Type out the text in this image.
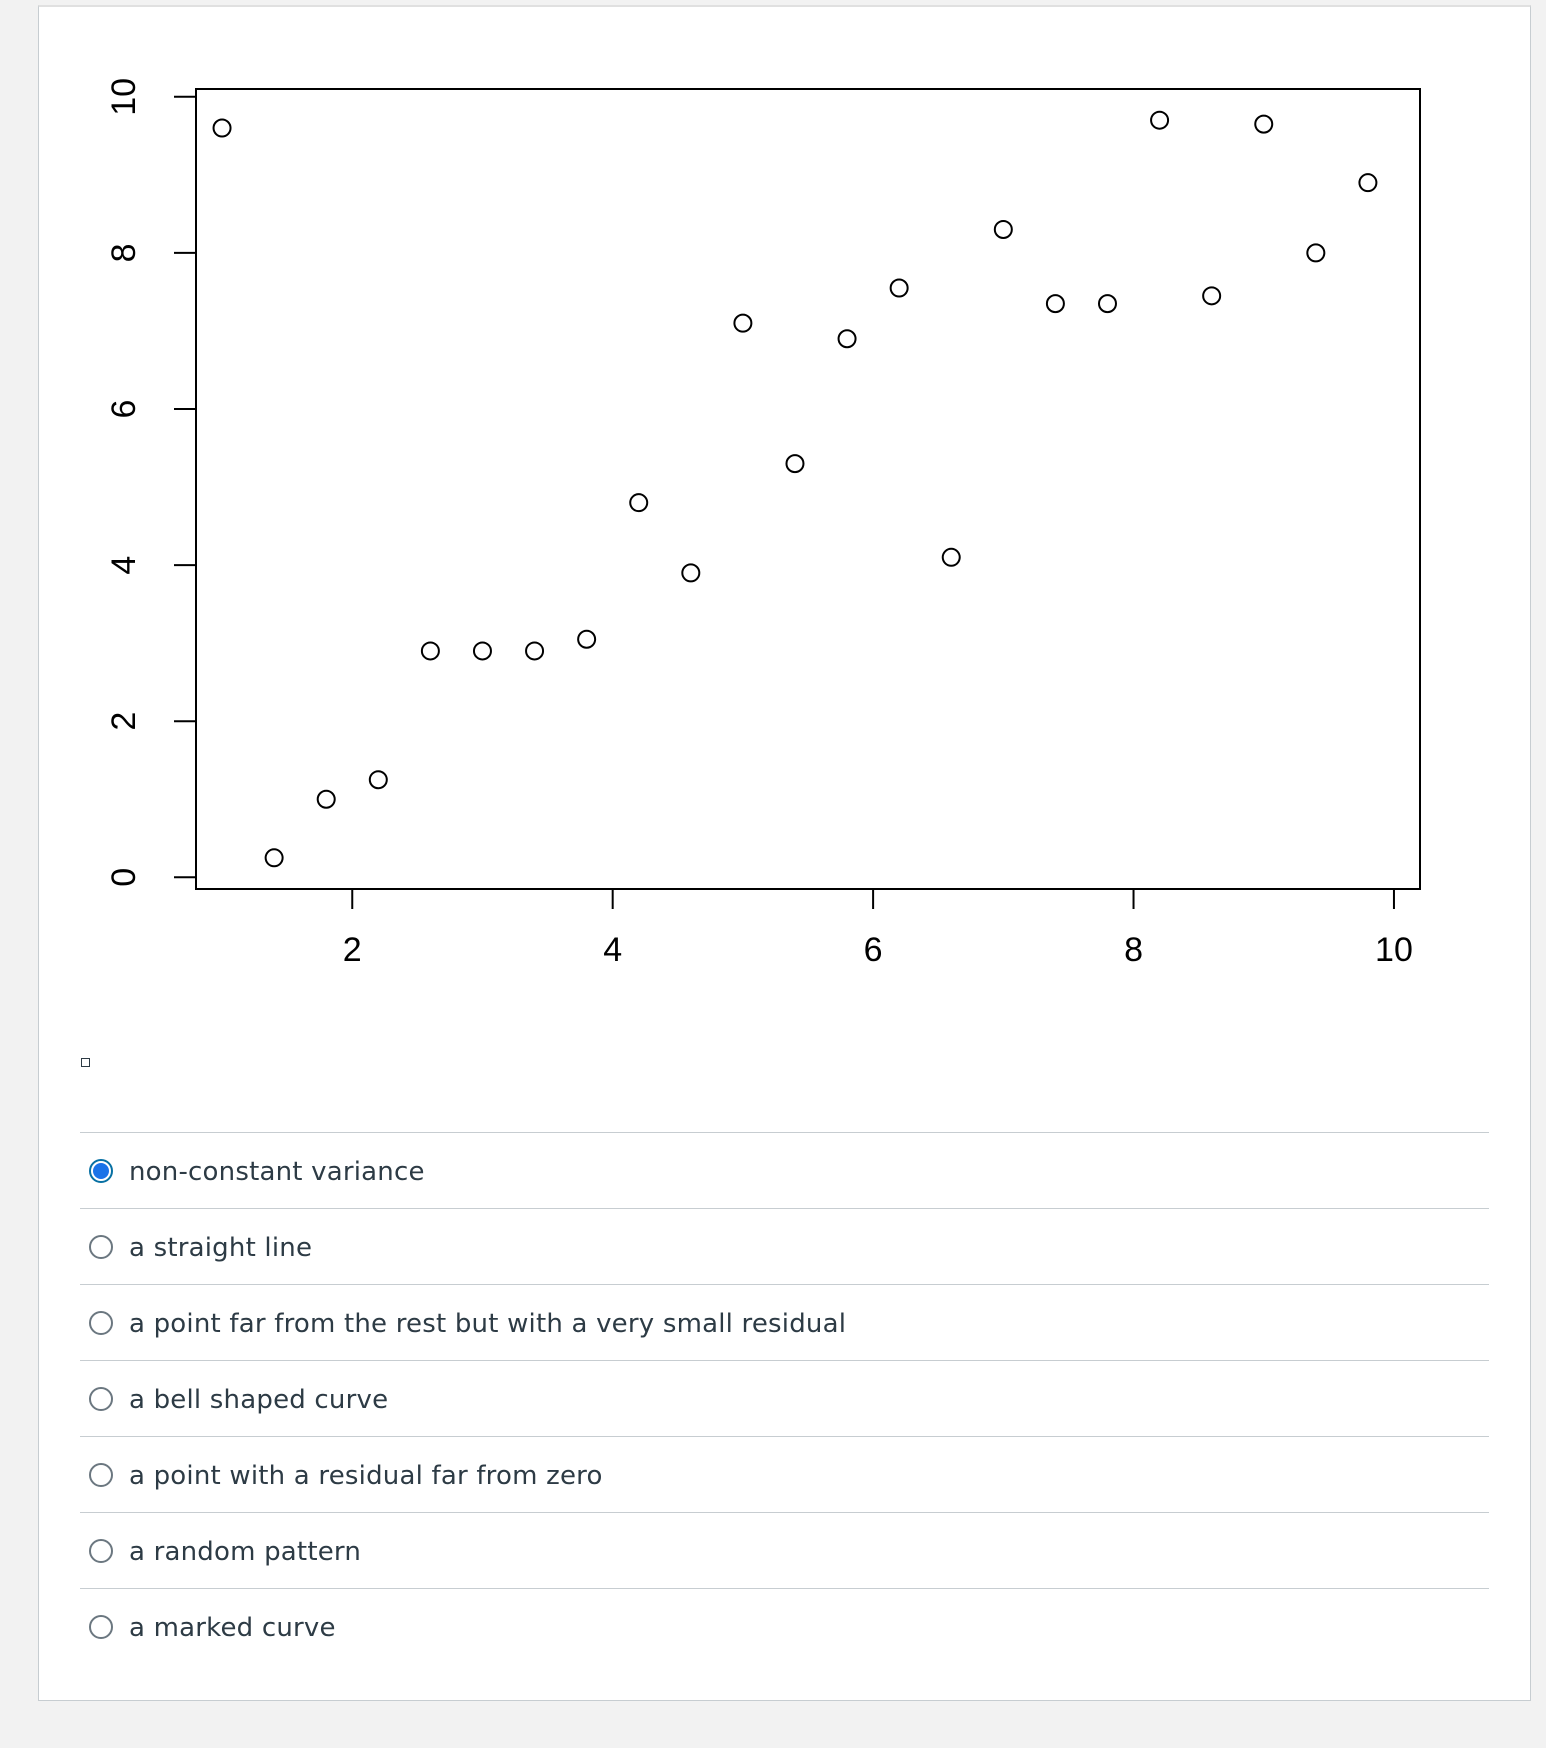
2	4	6	8	10
0
2
4
6
8
10
non-constant variance
a straight line
a point far from the rest but with a very small residual
a bell shaped curve
a point with a residual far from zero
a random pattern
a marked curve
